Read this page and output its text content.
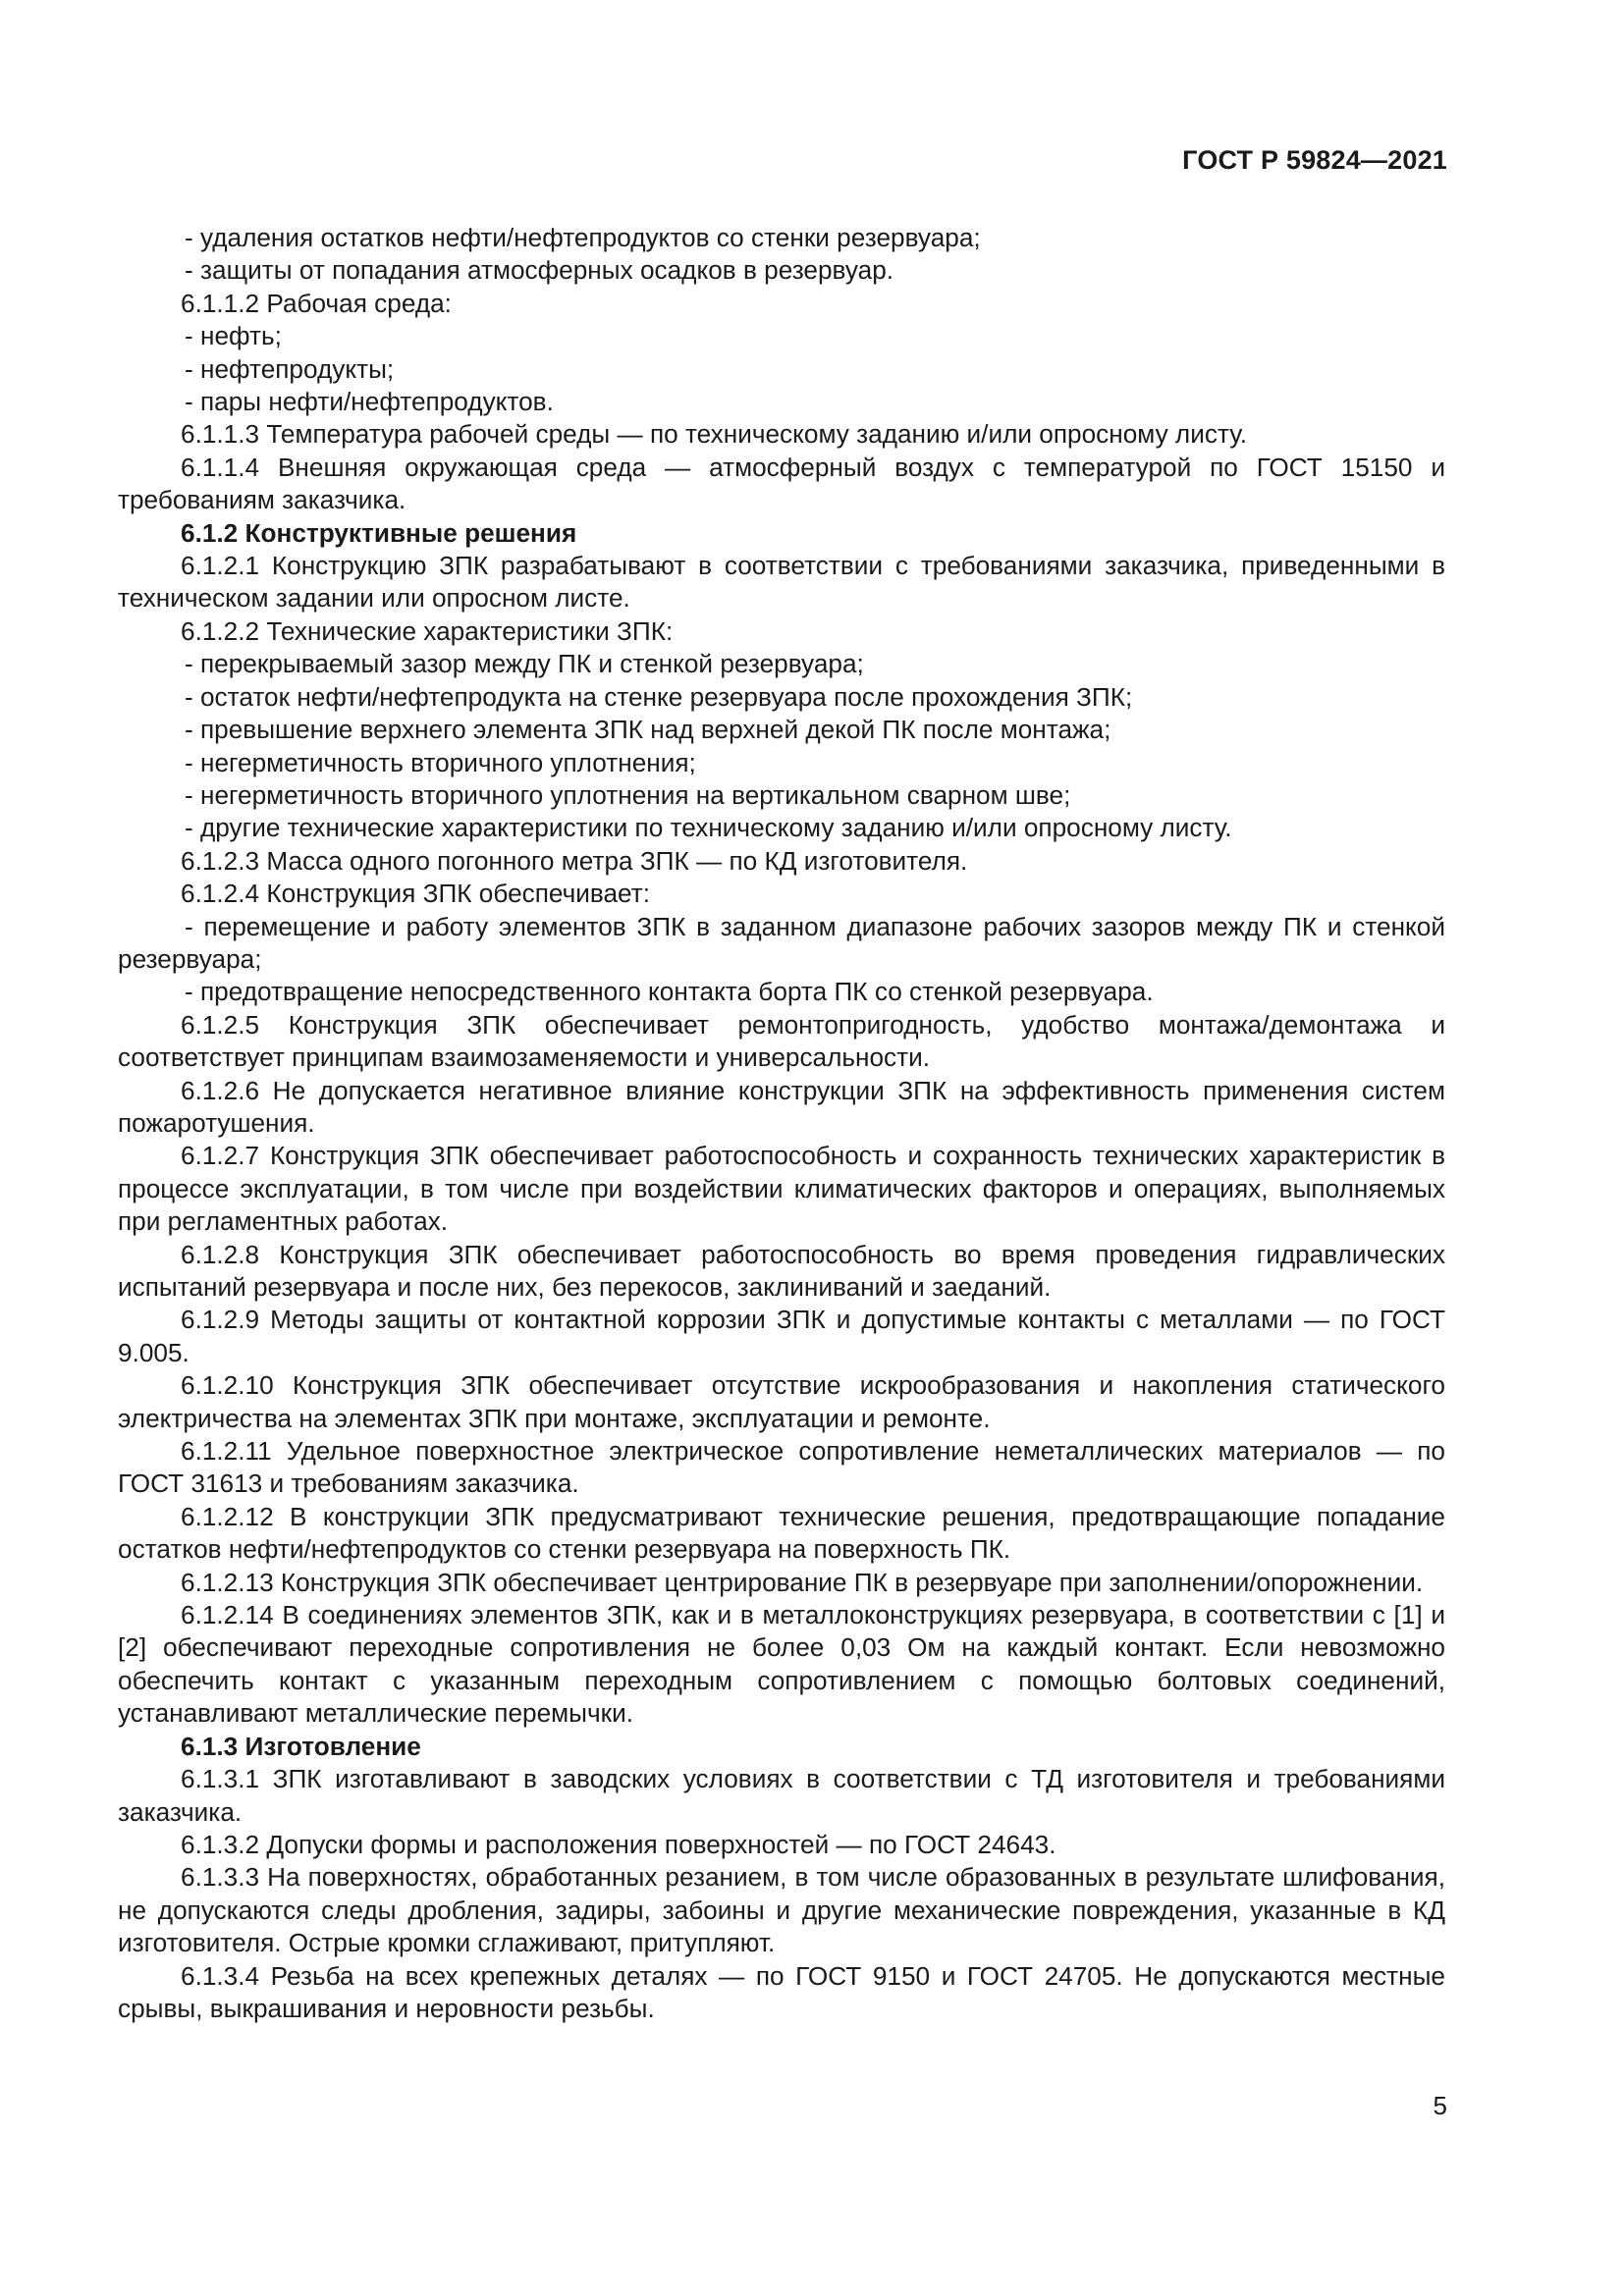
ГОСТ Р 59824—2021

- удаления остатков нефти/нефтепродуктов со стенки резервуара;

- защиты от попадания атмосферных осадков в резервуар.

6.1.1.2 Рабочая среда:

- нефть;

- нефтепродукты;

- пары нефти/нефтепродуктов.

6.1.1.3 Температура рабочей среды — по техническому заданию и/или опросному листу.

6.1.1.4 Внешняя окружающая среда — атмосферный воздух с температурой по ГОСТ 15150 и требованиям заказчика.

6.1.2 Конструктивные решения

6.1.2.1 Конструкцию ЗПК разрабатывают в соответствии с требованиями заказчика, приведенными в техническом задании или опросном листе.

6.1.2.2 Технические характеристики ЗПК:

- перекрываемый зазор между ПК и стенкой резервуара;

- остаток нефти/нефтепродукта на стенке резервуара после прохождения ЗПК;

- превышение верхнего элемента ЗПК над верхней декой ПК после монтажа;

- негерметичность вторичного уплотнения;

- негерметичность вторичного уплотнения на вертикальном сварном шве;

- другие технические характеристики по техническому заданию и/или опросному листу.

6.1.2.3 Масса одного погонного метра ЗПК — по КД изготовителя.

6.1.2.4 Конструкция ЗПК обеспечивает:

- перемещение и работу элементов ЗПК в заданном диапазоне рабочих зазоров между ПК и стенкой резервуара;

- предотвращение непосредственного контакта борта ПК со стенкой резервуара.

6.1.2.5 Конструкция ЗПК обеспечивает ремонтопригодность, удобство монтажа/демонтажа и соответствует принципам взаимозаменяемости и универсальности.

6.1.2.6 Не допускается негативное влияние конструкции ЗПК на эффективность применения систем пожаротушения.

6.1.2.7 Конструкция ЗПК обеспечивает работоспособность и сохранность технических характеристик в процессе эксплуатации, в том числе при воздействии климатических факторов и операциях, выполняемых при регламентных работах.

6.1.2.8 Конструкция ЗПК обеспечивает работоспособность во время проведения гидравлических испытаний резервуара и после них, без перекосов, заклиниваний и заеданий.

6.1.2.9 Методы защиты от контактной коррозии ЗПК и допустимые контакты с металлами — по ГОСТ 9.005.

6.1.2.10 Конструкция ЗПК обеспечивает отсутствие искрообразования и накопления статического электричества на элементах ЗПК при монтаже, эксплуатации и ремонте.

6.1.2.11 Удельное поверхностное электрическое сопротивление неметаллических материалов — по ГОСТ 31613 и требованиям заказчика.

6.1.2.12 В конструкции ЗПК предусматривают технические решения, предотвращающие попадание остатков нефти/нефтепродуктов со стенки резервуара на поверхность ПК.

6.1.2.13 Конструкция ЗПК обеспечивает центрирование ПК в резервуаре при заполнении/опорожнении.

6.1.2.14 В соединениях элементов ЗПК, как и в металлоконструкциях резервуара, в соответствии с [1] и [2] обеспечивают переходные сопротивления не более 0,03 Ом на каждый контакт. Если невозможно обеспечить контакт с указанным переходным сопротивлением с помощью болтовых соединений, устанавливают металлические перемычки.

6.1.3 Изготовление

6.1.3.1 ЗПК изготавливают в заводских условиях в соответствии с ТД изготовителя и требованиями заказчика.

6.1.3.2 Допуски формы и расположения поверхностей — по ГОСТ 24643.

6.1.3.3 На поверхностях, обработанных резанием, в том числе образованных в результате шлифования, не допускаются следы дробления, задиры, забоины и другие механические повреждения, указанные в КД изготовителя. Острые кромки сглаживают, притупляют.

6.1.3.4 Резьба на всех крепежных деталях — по ГОСТ 9150 и ГОСТ 24705. Не допускаются местные срывы, выкрашивания и неровности резьбы.

5
